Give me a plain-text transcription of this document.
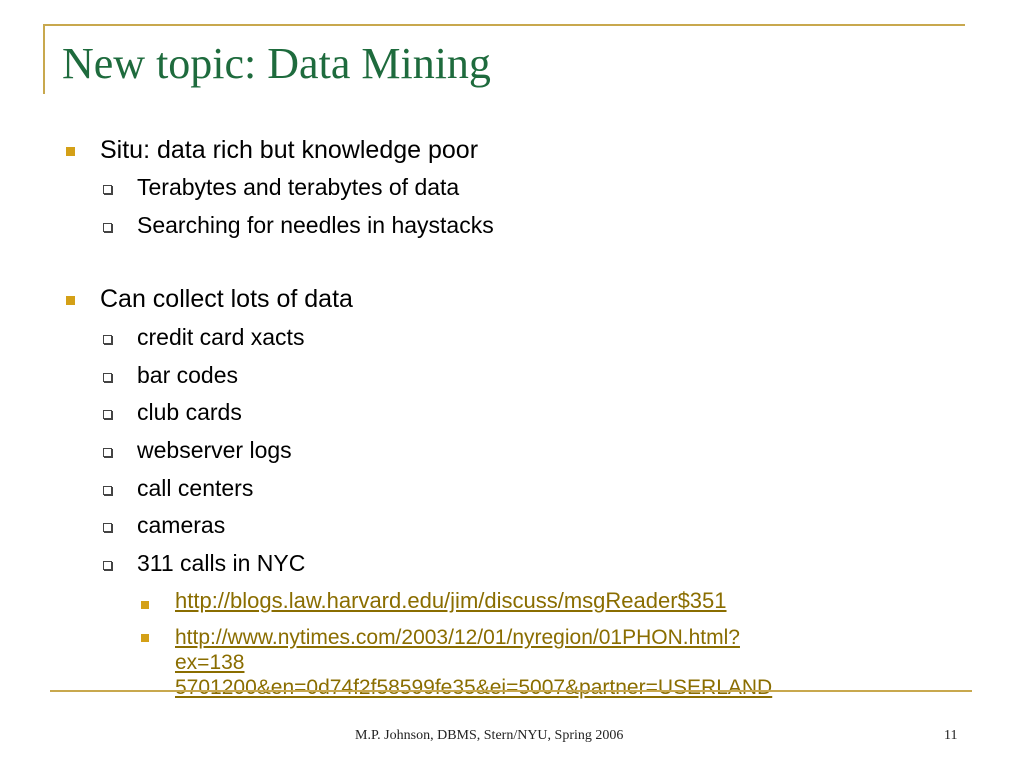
New topic: Data Mining
Situ: data rich but knowledge poor
Terabytes and terabytes of data
Searching for needles in haystacks
Can collect lots of data
credit card xacts
bar codes
club cards
webserver logs
call centers
cameras
311 calls in NYC
http://blogs.law.harvard.edu/jim/discuss/msgReader$351
http://www.nytimes.com/2003/12/01/nyregion/01PHON.html?ex=138
5701200&en=0d74f2f58599fe35&ei=5007&partner=USERLAND
M.P. Johnson, DBMS, Stern/NYU, Spring 2006	11
